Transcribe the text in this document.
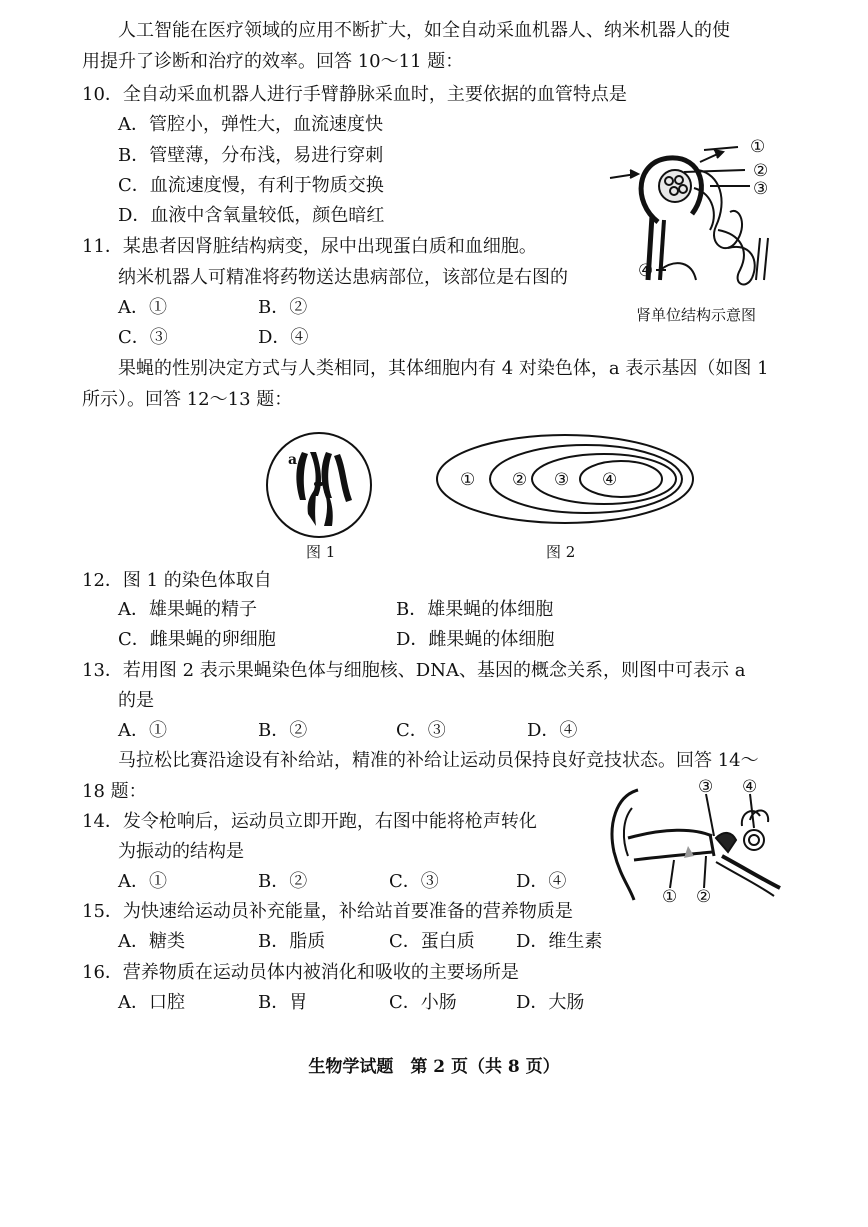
人工智能在医疗领域的应用不断扩大，如全自动采血机器人、纳米机器人的使
用提升了诊断和治疗的效率。回答 10～11 题：
10．全自动采血机器人进行手臂静脉采血时，主要依据的血管特点是
A．管腔小，弹性大，血流速度快
B．管壁薄，分布浅，易进行穿刺
C．血流速度慢，有利于物质交换
D．血液中含氧量较低，颜色暗红
11．某患者因肾脏结构病变，尿中出现蛋白质和血细胞。
纳米机器人可精准将药物送达患病部位，该部位是右图的
A．①	B．②
C．③	D．④
①
②
③
④
肾单位结构示意图
果蝇的性别决定方式与人类相同，其体细胞内有 4 对染色体，a 表示基因（如图 1
所示）。回答 12～13 题：
a
图 1
① ② ③ ④
图 2
12．图 1 的染色体取自
A．雄果蝇的精子	B．雄果蝇的体细胞
C．雌果蝇的卵细胞	D．雌果蝇的体细胞
13．若用图 2 表示果蝇染色体与细胞核、DNA、基因的概念关系，则图中可表示 a
的是
A．①	B．②	C．③	D．④
马拉松比赛沿途设有补给站，精准的补给让运动员保持良好竞技状态。回答 14～
18 题：
14．发令枪响后，运动员立即开跑，右图中能将枪声转化
为振动的结构是
A．①	B．②	C．③	D．④
① ②
③ ④
15．为快速给运动员补充能量，补给站首要准备的营养物质是
A．糖类	B．脂质	C．蛋白质 D．维生素
16．营养物质在运动员体内被消化和吸收的主要场所是
A．口腔	B．胃	C．小肠	D．大肠
生物学试题　第 2 页（共 8 页）
